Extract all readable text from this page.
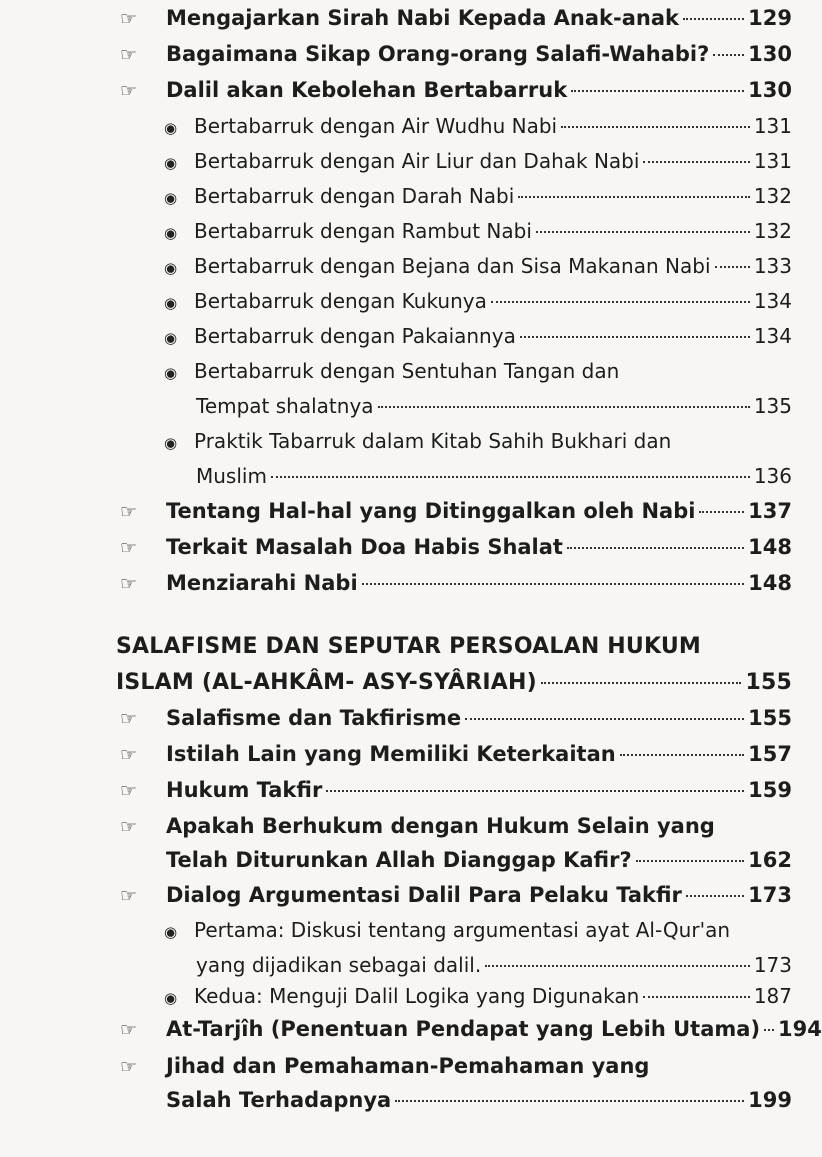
☞	Mengajarkan Sirah Nabi Kepada Anak-anak	129
☞	Bagaimana Sikap Orang-orang Salafi-Wahabi? 130
☞	Dalil akan Kebolehan Bertabarruk	130
◉ Bertabarruk dengan Air Wudhu Nabi	131
◉ Bertabarruk dengan Air Liur dan Dahak Nabi	131
◉ Bertabarruk dengan Darah Nabi	132
◉ Bertabarruk dengan Rambut Nabi	132
◉ Bertabarruk dengan Bejana dan Sisa Makanan Nabi 133
◉ Bertabarruk dengan Kukunya	134
◉ Bertabarruk dengan Pakaiannya	134
◉ Bertabarruk dengan Sentuhan Tangan dan
Tempat shalatnya	135
◉ Praktik Tabarruk dalam Kitab Sahih Bukhari dan
Muslim	136
☞	Tentang Hal-hal yang Ditinggalkan oleh Nabi	137
☞	Terkait Masalah Doa Habis Shalat	148
☞	Menziarahi Nabi	148
SALAFISME DAN SEPUTAR PERSOALAN HUKUM
ISLAM (AL-AHKÂM- ASY-SYÂRIAH)	155
☞	Salafisme dan Takfirisme	155
☞	Istilah Lain yang Memiliki Keterkaitan	157
☞	Hukum Takfir	159
☞	Apakah Berhukum dengan Hukum Selain yang
Telah Diturunkan Allah Dianggap Kafir?	162
☞	Dialog Argumentasi Dalil Para Pelaku Takfir	173
◉ Pertama: Diskusi tentang argumentasi ayat Al-Qur'an
yang dijadikan sebagai dalil.	173
◉ Kedua: Menguji Dalil Logika yang Digunakan	187
☞	At-Tarjîh (Penentuan Pendapat yang Lebih Utama) 194
☞	Jihad dan Pemahaman-Pemahaman yang
Salah Terhadapnya	199
